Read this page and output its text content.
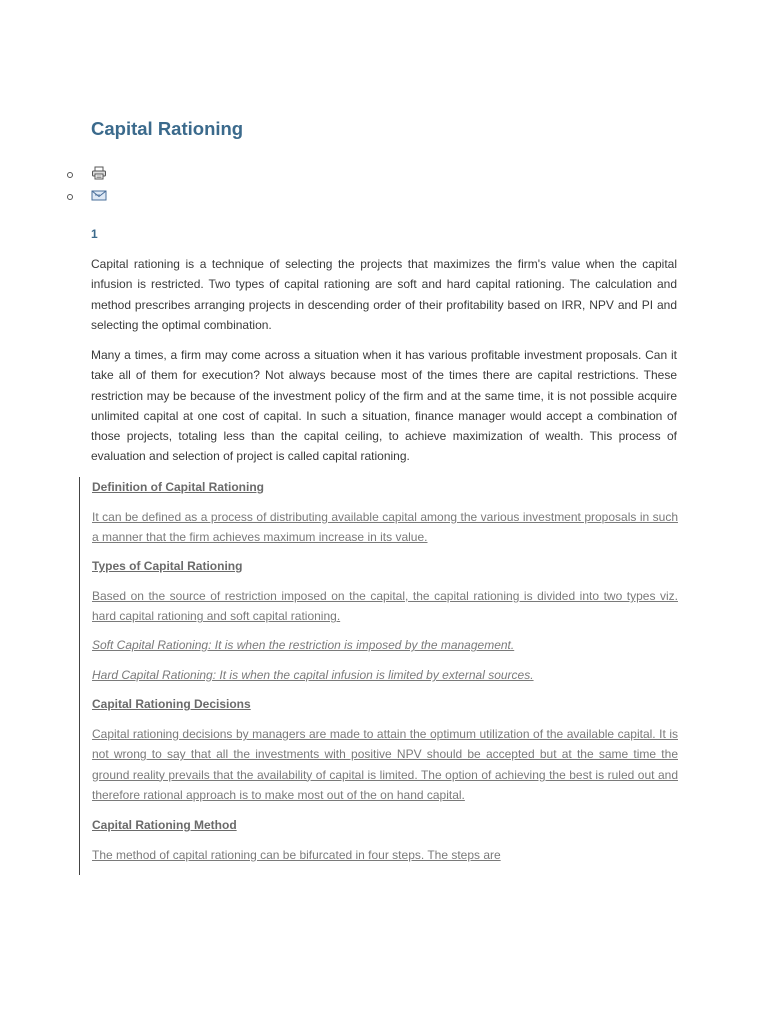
Capital Rationing
1

Capital rationing is a technique of selecting the projects that maximizes the firm's value when the capital infusion is restricted. Two types of capital rationing are soft and hard capital rationing. The calculation and method prescribes arranging projects in descending order of their profitability based on IRR, NPV and PI and selecting the optimal combination.

Many a times, a firm may come across a situation when it has various profitable investment proposals. Can it take all of them for execution? Not always because most of the times there are capital restrictions. These restriction may be because of the investment policy of the firm and at the same time, it is not possible acquire unlimited capital at one cost of capital. In such a situation, finance manager would accept a combination of those projects, totaling less than the capital ceiling, to achieve maximization of wealth. This process of evaluation and selection of project is called capital rationing.

Definition of Capital Rationing

It can be defined as a process of distributing available capital among the various investment proposals in such a manner that the firm achieves maximum increase in its value.

Types of Capital Rationing

Based on the source of restriction imposed on the capital, the capital rationing is divided into two types viz. hard capital rationing and soft capital rationing.

Soft Capital Rationing: It is when the restriction is imposed by the management.

Hard Capital Rationing: It is when the capital infusion is limited by external sources.

Capital Rationing Decisions

Capital rationing decisions by managers are made to attain the optimum utilization of the available capital. It is not wrong to say that all the investments with positive NPV should be accepted but at the same time the ground reality prevails that the availability of capital is limited. The option of achieving the best is ruled out and therefore rational approach is to make most out of the on hand capital.

Capital Rationing Method

The method of capital rationing can be bifurcated in four steps. The steps are
